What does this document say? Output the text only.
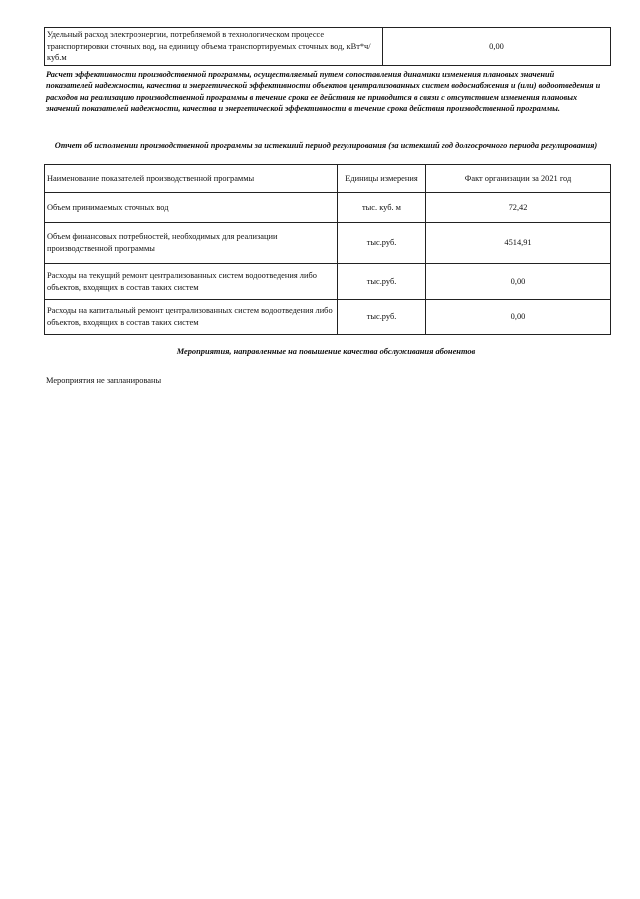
Удельный расход электроэнергии, потребляемой в технологическом процессе транспортировки сточных вод, на единицу объема транспортируемых сточных вод, кВт*ч/ куб.м	0,00
Расчет эффективности производственной программы, осуществляемый путем сопоставления динамики изменения плановых значений показателей надежности, качества и энергетической эффективности объектов централизованных систем водоснабжения и (или) водоотведения и расходов на реализацию производственной программы в течение срока ее действия не приводится в связи с отсутствием изменения плановых значений показателей надежности, качества и энергетической эффективности в течение срока действия производственной программы.
Отчет об исполнении производственной программы за истекший период регулирования (за истекший год долгосрочного периода регулирования)
Наименование показателей производственной программы	Единицы измерения	Факт организации за 2021 год
Объем принимаемых сточных вод	тыс. куб. м	72,42
Объем финансовых потребностей, необходимых для реализации производственной программы	тыс.руб.	4514,91
Расходы на текущий ремонт централизованных систем водоотведения либо объектов, входящих в состав таких систем	тыс.руб.	0,00
Расходы на капитальный ремонт централизованных систем водоотведения либо объектов, входящих в состав таких систем	тыс.руб.	0,00
Мероприятия, направленные на повышение качества обслуживания абонентов
Мероприятия не запланированы
